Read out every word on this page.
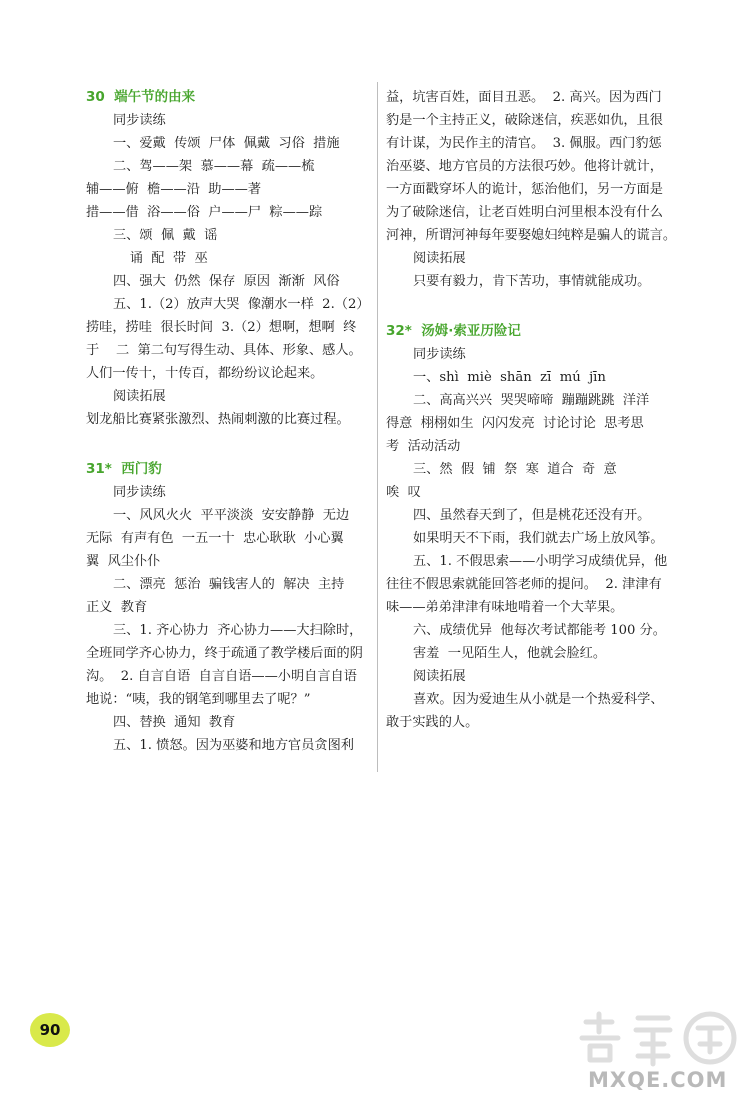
30  端午节的由来
同步读练
一、爱戴  传颂  尸体  佩戴  习俗  措施
二、驾——架  慕——幕  疏——梳
辅——俯  檐——沿  助——著
措——借  浴——俗  户——尸  粽——踪
三、颂  佩  戴  谣
诵  配  带  巫
四、强大  仍然  保存  原因  渐渐  风俗
五、1.（2）放声大哭  像潮水一样  2.（2）
捞哇，捞哇  很长时间  3.（2）想啊，想啊  终
于    二  第二句写得生动、具体、形象、感人。
人们一传十，十传百，都纷纷议论起来。
阅读拓展
划龙船比赛紧张激烈、热闹刺激的比赛过程。
31*  西门豹
同步读练
一、风风火火  平平淡淡  安安静静  无边
无际  有声有色  一五一十  忠心耿耿  小心翼
翼  风尘仆仆
二、漂亮  惩治  骗钱害人的  解决  主持
正义  教育
三、1. 齐心协力  齐心协力——大扫除时，
全班同学齐心协力，终于疏通了教学楼后面的阴
沟。  2. 自言自语  自言自语——小明自言自语
地说：“咦，我的钢笔到哪里去了呢？”
四、替换  通知  教育
五、1. 愤怒。因为巫婆和地方官员贪图利
益，坑害百姓，面目丑恶。  2. 高兴。因为西门
豹是一个主持正义，破除迷信，疾恶如仇，且很
有计谋，为民作主的清官。  3. 佩服。西门豹惩
治巫婆、地方官员的方法很巧妙。他将计就计，
一方面戳穿坏人的诡计，惩治他们，另一方面是
为了破除迷信，让老百姓明白河里根本没有什么
河神，所谓河神每年要娶媳妇纯粹是骗人的谎言。
阅读拓展
只要有毅力，肯下苦功，事情就能成功。
32*  汤姆·索亚历险记
同步读练
一、shì  miè  shān  zī  mú  jīn
二、高高兴兴  哭哭啼啼  蹦蹦跳跳  洋洋
得意  栩栩如生  闪闪发亮  讨论讨论  思考思
考  活动活动
三、然  假  铺  祭  寒  道合  奇  意
唉  叹
四、虽然春天到了，但是桃花还没有开。
如果明天不下雨，我们就去广场上放风筝。
五、1. 不假思索——小明学习成绩优异，他
往往不假思索就能回答老师的提问。  2. 津津有
味——弟弟津津有味地啃着一个大苹果。
六、成绩优异  他每次考试都能考 100 分。
害羞  一见陌生人，他就会脸红。
阅读拓展
喜欢。因为爱迪生从小就是一个热爱科学、
敢于实践的人。
90
MXQE.COM
